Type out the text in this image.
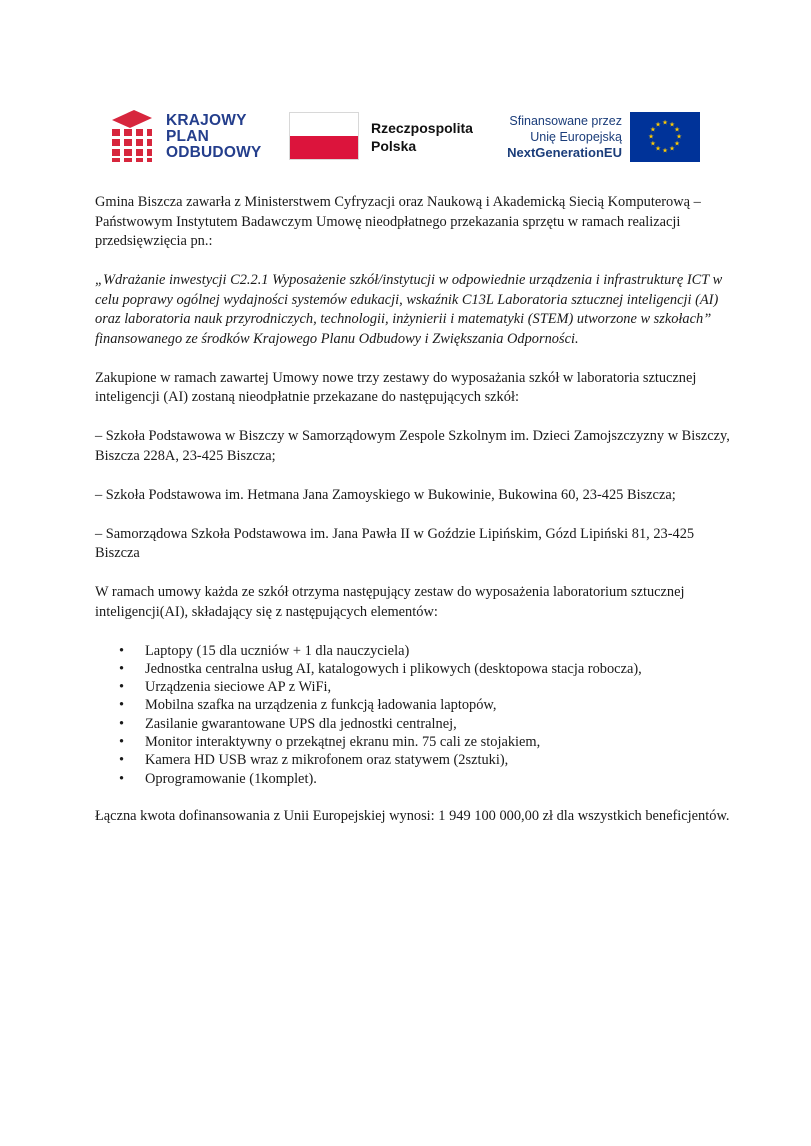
KRAJOWY
PLAN
ODBUDOWY
Rzeczpospolita
Polska
Sfinansowane przez
Unię Europejską
NextGenerationEU
★ ★
★
★
★
★
★
★
★
★
★
★

Gmina Biszcza zawarła z Ministerstwem Cyfryzacji oraz Naukową i Akademicką Siecią Komputerową – Państwowym Instytutem Badawczym Umowę nieodpłatnego przekazania sprzętu w ramach realizacji przedsięwzięcia pn.:

„Wdrażanie inwestycji C2.2.1 Wyposażenie szkół/instytucji w odpowiednie urządzenia i infrastrukturę ICT w celu poprawy ogólnej wydajności systemów edukacji, wskaźnik C13L Laboratoria sztucznej inteligencji (AI) oraz laboratoria nauk przyrodniczych, technologii, inżynierii i matematyki (STEM) utworzone w szkołach” finansowanego ze środków Krajowego Planu Odbudowy i Zwiększania Odporności.

Zakupione w ramach zawartej Umowy nowe trzy zestawy do wyposażania szkół w laboratoria sztucznej inteligencji (AI) zostaną nieodpłatnie przekazane do następujących szkół:

– Szkoła Podstawowa w Biszczy w Samorządowym Zespole Szkolnym im. Dzieci Zamojszczyzny w Biszczy, Biszcza 228A, 23-425 Biszcza;

– Szkoła Podstawowa im. Hetmana Jana Zamoyskiego w Bukowinie, Bukowina 60, 23-425 Biszcza;

– Samorządowa Szkoła Podstawowa im. Jana Pawła II w Goździe Lipińskim, Gózd Lipiński 81, 23-425 Biszcza

W ramach umowy każda ze szkół otrzyma następujący zestaw do wyposażenia laboratorium sztucznej inteligencji(AI), składający się z następujących elementów:

• Laptopy (15 dla uczniów + 1 dla nauczyciela)
• Jednostka centralna usług AI, katalogowych i plikowych (desktopowa stacja robocza),
• Urządzenia sieciowe AP z WiFi,
• Mobilna szafka na urządzenia z funkcją ładowania laptopów,
• Zasilanie gwarantowane UPS dla jednostki centralnej,
• Monitor interaktywny o przekątnej ekranu min. 75 cali ze stojakiem,
• Kamera HD USB wraz z mikrofonem oraz statywem (2sztuki),
• Oprogramowanie (1komplet).

Łączna kwota dofinansowania z Unii Europejskiej wynosi: 1 949 100 000,00 zł dla wszystkich beneficjentów.
